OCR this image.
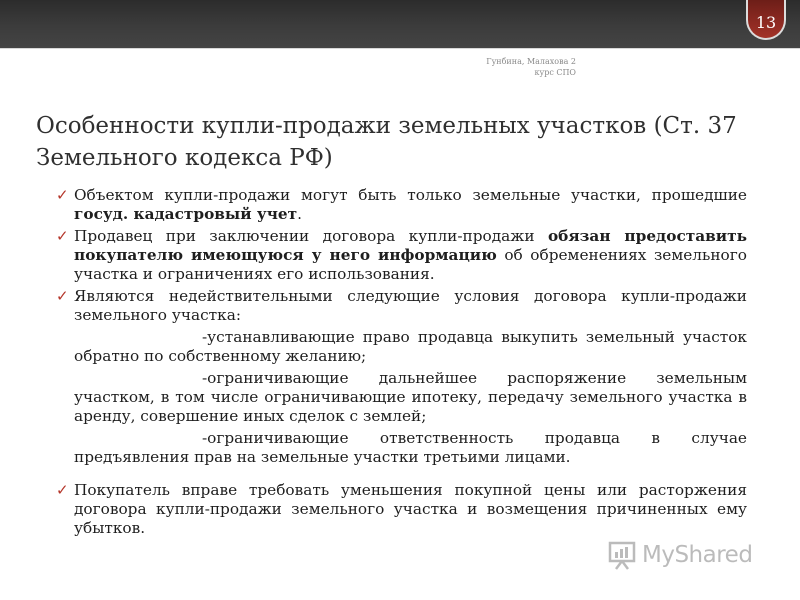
13
Гунбина, Малахова 2
курс СПО
Особенности купли-продажи земельных участков (Ст. 37 Земельного кодекса РФ)
✓ Объектом купли-продажи могут быть только земельные участки, прошедшие госуд. кадастровый учет.
✓ Продавец при заключении договора купли-продажи обязан предоставить покупателю имеющуюся у него информацию об обременениях земельного участка и ограничениях его использования.
✓ Являются недействительными следующие условия договора купли-продажи земельного участка:
-устанавливающие право продавца выкупить земельный участок обратно по собственному желанию;
-ограничивающие дальнейшее распоряжение земельным участком, в том числе ограничивающие ипотеку, передачу земельного участка в аренду, совершение иных сделок с землей;
-ограничивающие ответственность продавца в случае предъявления прав на земельные участки третьими лицами.
✓ Покупатель вправе требовать уменьшения покупной цены или расторжения договора купли-продажи земельного участка и возмещения причиненных ему убытков.
MyShared
